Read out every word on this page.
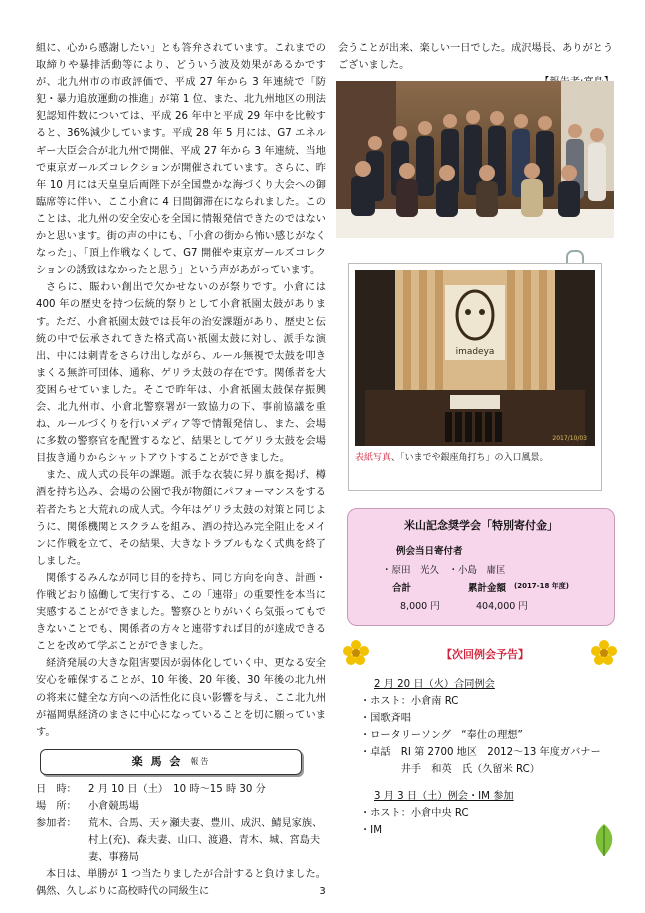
組に、心から感謝したい」とも答弁されています。これまでの取締りや暴排活動等により、どういう波及効果があるかですが、北九州市の市政評価で、平成 27 年から 3 年連続で「防犯・暴力追放運動の推進」が第 1 位、また、北九州地区の刑法犯認知件数については、平成 26 年中と平成 29 年中を比較すると、36%減少しています。平成 28 年 5 月には、G7 エネルギー大臣会合が北九州で開催、平成 27 年から 3 年連続、当地で東京ガールズコレクションが開催されています。さらに、昨年 10 月には天皇皇后両陛下が全国豊かな海づくり大会への御臨席等に伴い、ここ小倉に 4 日間御滞在になられました。このことは、北九州の安全安心を全国に情報発信できたのではないかと思います。街の声の中にも、「小倉の街から怖い感じがなくなった」、「頂上作戦なくして、G7 開催や東京ガールズコレクションの誘致はなかったと思う」という声があがっています。

さらに、賑わい創出で欠かせないのが祭りです。小倉には 400 年の歴史を持つ伝統的祭りとして小倉祇園太鼓があります。ただ、小倉祇園太鼓では長年の治安課題があり、歴史と伝統の中で伝承されてきた格式高い祇園太鼓に対し、派手な演出、中には刺青をさらけ出しながら、ルール無視で太鼓を叩きまくる無許可団体、通称、ゲリラ太鼓の存在です。関係者を大変困らせていました。そこで昨年は、小倉祇園太鼓保存振興会、北九州市、小倉北警察署が一致協力の下、事前協議を重ね、ルールづくりを行いメディア等で情報発信し、また、会場に多数の警察官を配置するなど、結果としてゲリラ太鼓を会場目抜き通りからシャットアウトすることができました。

また、成人式の長年の課題。派手な衣装に昇り旗を掲げ、樽酒を持ち込み、会場の公園で我が物顔にパフォーマンスをする若者たちと大荒れの成人式。今年はゲリラ太鼓の対策と同じように、関係機関とスクラムを組み、酒の持込み完全阻止をメインに作戦を立て、その結果、大きなトラブルもなく式典を終了しました。

関係するみんなが同じ目的を持ち、同じ方向を向き、計画・作戦どおり協働して実行する、この「連帯」の重要性を本当に実感することができました。警察ひとりがいくら気張ってもできないことでも、関係者の方々と連帯すれば目的が達成できることを改めて学ぶことができました。

経済発展の大きな阻害要因が弱体化していく中、更なる安全安心を確保することが、10 年後、20 年後、30 年後の北九州の将来に健全な方向への活性化に良い影響を与え、ここ北九州が福岡県経済のまさに中心になっていることを切に願っています。

楽 馬 会 報告
日　時：	2 月 10 日（土）　10 時～15 時 30 分
場　所：	小倉競馬場
参加者：	荒木、合馬、天ヶ瀬夫妻、豊川、成沢、鯖見家族、村上(充)、森夫妻、山口、渡邉、青木、城、宮島夫妻、事務局

本日は、単勝が 1 つ当たりましたが合計すると負けました。偶然、久しぶりに高校時代の同級生に

会うことが出来、楽しい一日でした。成沢場長、ありがとうございました。

imadeya
2017/10/03
表紙写真、「いまでや銀座角打ち」の入口風景。
米山記念奨学会「特別寄付金」
例会当日寄付者
・原田　光久　・小島　庸匡
合計	累計金額 (2017-18 年度)
8,000 円	404,000 円
【次回例会予告】
2 月 20 日（火）合同例会
・ホスト：小倉南 RC
・国歌斉唱
・ロータリーソング　“奉仕の理想”
・卓話　RI 第 2700 地区　2012～13 年度ガバナー
　　　　井手　和英　氏（久留米 RC）
3 月 3 日（土）例会・IM 参加
・ホスト：小倉中央 RC
・IM
3
